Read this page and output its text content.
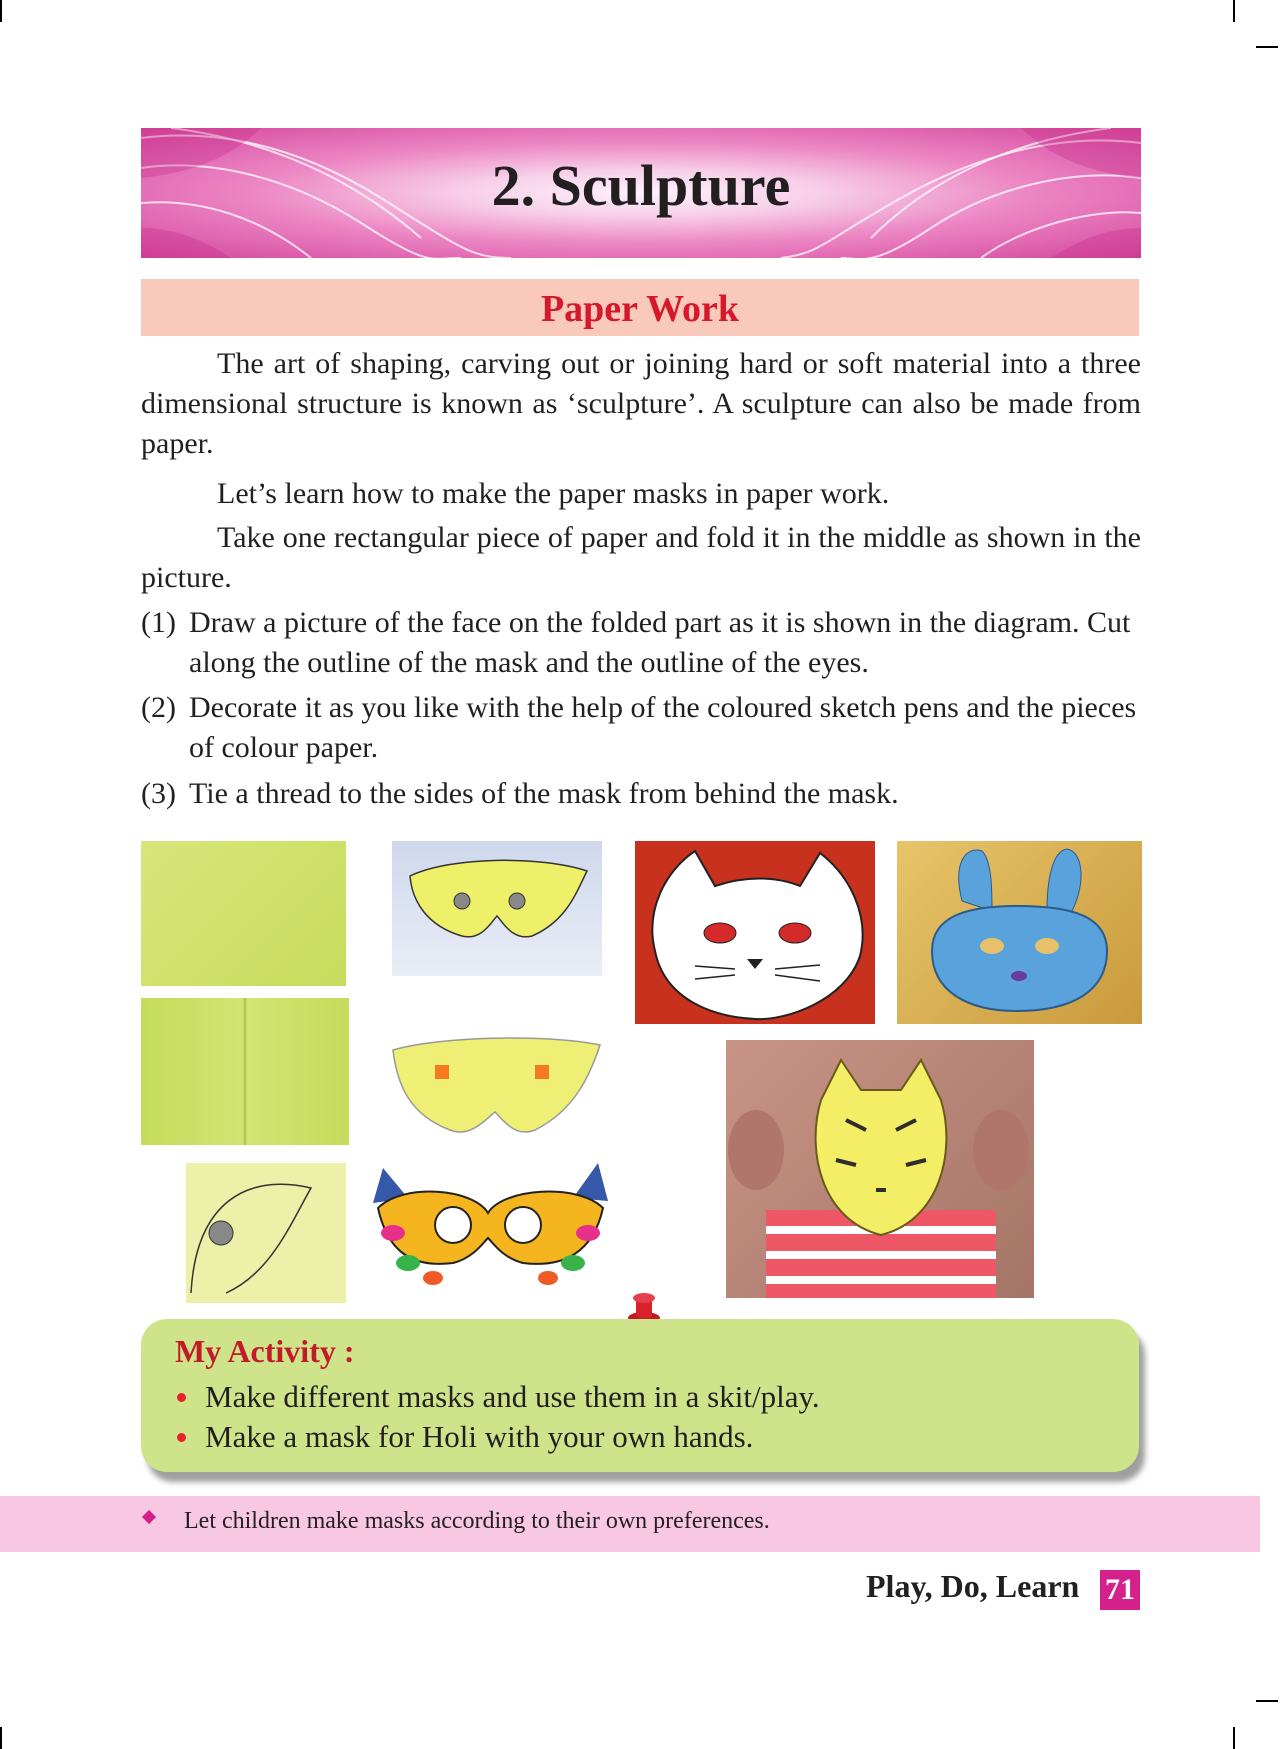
2. Sculpture
Paper Work

The art of shaping, carving out or joining hard or soft material into a three dimensional structure is known as ‘sculpture’. A sculpture can also be made from paper.

Let’s learn how to make the paper masks in paper work.

Take one rectangular piece of paper and fold it in the middle as shown in the picture.

(1) Draw a picture of the face on the folded part as it is shown in the diagram. Cut along the outline of the mask and the outline of the eyes.
(2) Decorate it as you like with the help of the coloured sketch pens and the pieces of colour paper.
(3) Tie a thread to the sides of the mask from behind the mask.
My Activity :
Make different masks and use them in a skit/play.
Make a mask for Holi with your own hands.
Let children make masks according to their own preferences.
Play, Do, Learn 71
